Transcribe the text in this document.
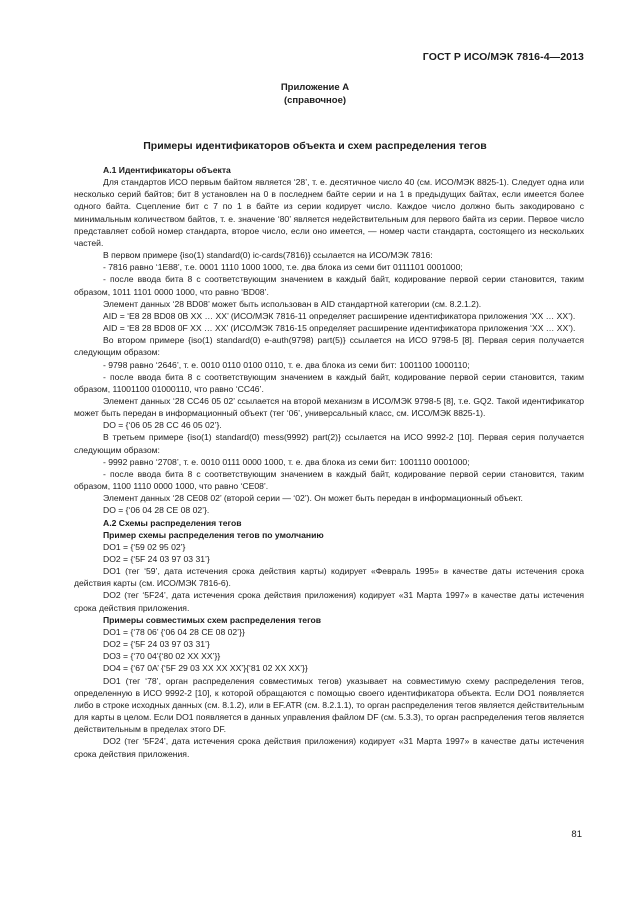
ГОСТ Р ИСО/МЭК 7816-4—2013
Приложение А
(справочное)
Примеры идентификаторов объекта и схем распределения тегов

А.1 Идентификаторы объекта

Для стандартов ИСО первым байтом является ‘28’, т. е. десятичное число 40 (см. ИСО/МЭК 8825-1). Следует одна или несколько серий байтов; бит 8 установлен на 0 в последнем байте серии и на 1 в предыдущих байтах, если имеется более одного байта. Сцепление бит с 7 по 1 в байте из серии кодирует число. Каждое число должно быть закодировано с минимальным количеством байтов, т. е. значение ‘80’ является недействительным для первого байта из серии. Первое число представляет собой номер стандарта, второе число, если оно имеется, — номер части стандарта, состоящего из нескольких частей.

В первом примере {iso(1) standard(0) ic-cards(7816)} ссылается на ИСО/МЭК 7816:

- 7816 равно ‘1E88’, т.е. 0001 1110 1000 1000, т.е. два блока из семи бит 0111101 0001000;

- после ввода бита 8 с соответствующим значением в каждый байт, кодирование первой серии становится, таким образом, 1011 1101 0000 1000, что равно ‘BD08’.

Элемент данных ‘28 BD08’ может быть использован в AID стандартной категории (см. 8.2.1.2).

AID = ‘E8 28 BD08 0B XX … XX’ (ИСО/МЭК 7816-11 определяет расширение идентификатора приложения ‘XX … XX’).

AID = ‘E8 28 BD08 0F XX … XX’ (ИСО/МЭК 7816-15 определяет расширение идентификатора приложения ‘XX … XX’).

Во втором примере {iso(1) standard(0) e-auth(9798) part(5)} ссылается на ИСО 9798-5 [8]. Первая серия получается следующим образом:

- 9798 равно ‘2646’, т. е. 0010 0110 0100 0110, т. е. два блока из семи бит: 1001100 1000110;

- после ввода бита 8 с соответствующим значением в каждый байт, кодирование первой серии становится, таким образом, 11001100 01000110, что равно ‘CC46’.

Элемент данных ‘28 CC46 05 02’ ссылается на второй механизм в ИСО/МЭК 9798-5 [8], т.е. GQ2. Такой идентификатор может быть передан в информационный объект (тег ‘06’, универсальный класс, см. ИСО/МЭК 8825-1).

DO = {‘06 05 28 CC 46 05 02’}.

В третьем примере {iso(1) standard(0) mess(9992) part(2)} ссылается на ИСО 9992-2 [10]. Первая серия получается следующим образом:

- 9992 равно ‘2708’, т. е. 0010 0111 0000 1000, т. е. два блока из семи бит: 1001110 0001000;

- после ввода бита 8 с соответствующим значением в каждый байт, кодирование первой серии становится, таким образом, 1100 1110 0000 1000, что равно ‘CE08’.

Элемент данных ‘28 CE08 02’ (второй серии — ‘02’). Он может быть передан в информационный объект.

DO = {‘06 04 28 CE 08 02’}.

А.2 Схемы распределения тегов

Пример схемы распределения тегов по умолчанию

DO1 = {‘59 02 95 02’}

DO2 = {‘5F 24 03 97 03 31’}

DO1 (тег ‘59’, дата истечения срока действия карты) кодирует «Февраль 1995» в качестве даты истечения срока действия карты (см. ИСО/МЭК 7816-6).

DO2 (тег ‘5F24’, дата истечения срока действия приложения) кодирует «31 Марта 1997» в качестве даты истечения срока действия приложения.

Примеры совместимых схем распределения тегов

DO1 = {‘78 06’ {‘06 04 28 CE 08 02’}}

DO2 = {‘5F 24 03 97 03 31’}

DO3 = {‘70 04’{‘80 02 XX XX’}}

DO4 = {‘67 0A’ {‘5F 29 03 XX XX XX’}{‘81 02 XX XX’}}

DO1 (тег ‘78’, орган распределения совместимых тегов) указывает на совместимую схему распределения тегов, определенную в ИСО 9992-2 [10], к которой обращаются с помощью своего идентификатора объекта. Если DO1 появляется либо в строке исходных данных (см. 8.1.2), или в EF.ATR (см. 8.2.1.1), то орган распределения тегов является действительным для карты в целом. Если DO1 появляется в данных управления файлом DF (см. 5.3.3), то орган распределения тегов является действительным в пределах этого DF.

DO2 (тег ‘5F24’, дата истечения срока действия приложения) кодирует «31 Марта 1997» в качестве даты истечения срока действия приложения.

81
